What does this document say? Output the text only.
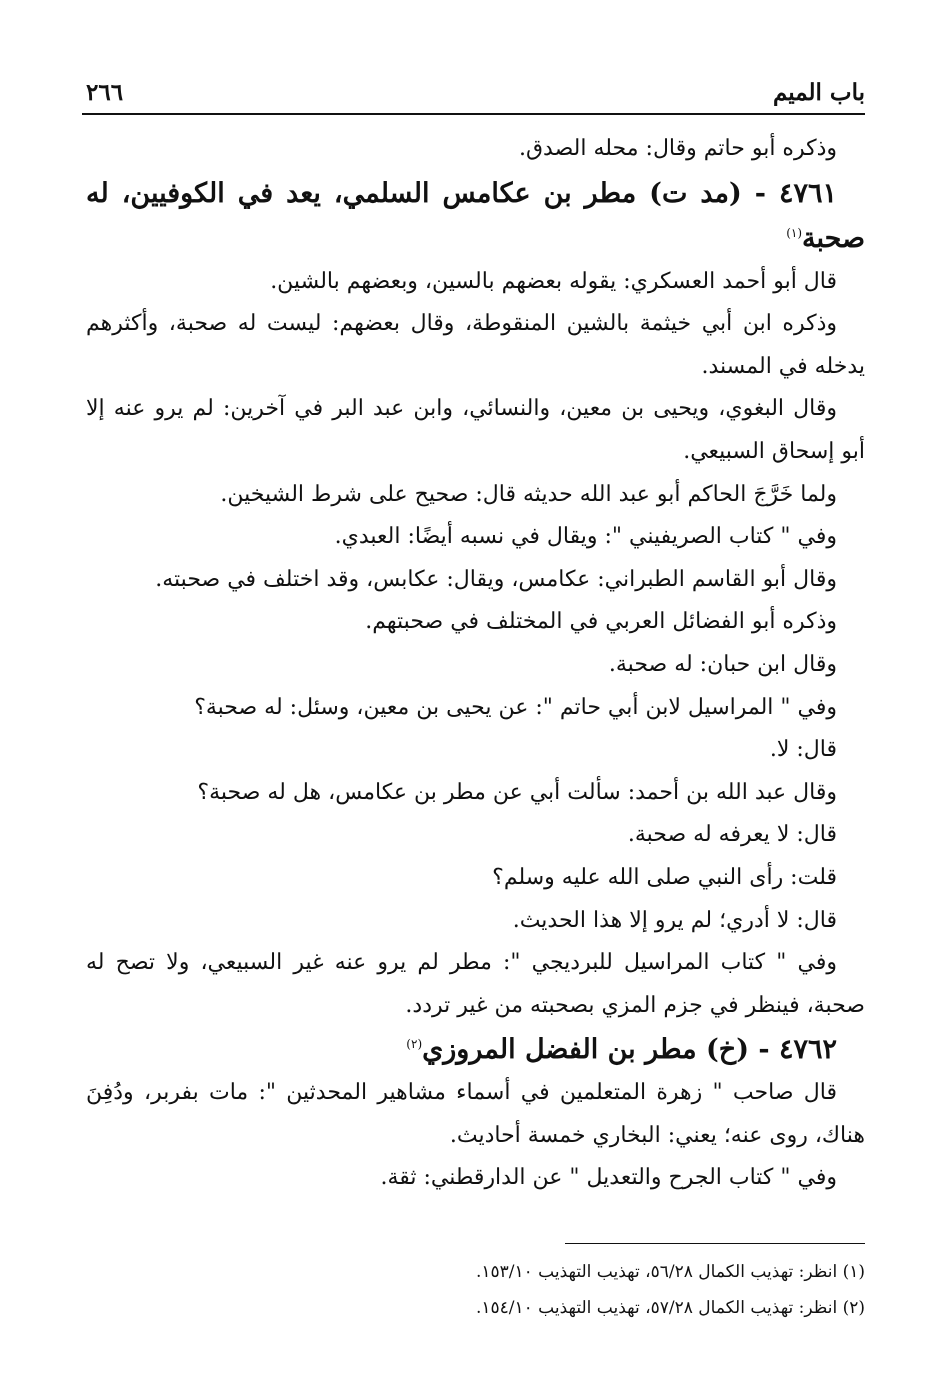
باب الميم
٢٦٦

وذكره أبو حاتم وقال: محله الصدق.

٤٧٦١ - (مد ت) مطر بن عكامس السلمي، يعد في الكوفيين، له صحبة$^{(١)}$

قال أبو أحمد العسكري: يقوله بعضهم بالسين، وبعضهم بالشين.

وذكره ابن أبي خيثمة بالشين المنقوطة، وقال بعضهم: ليست له صحبة، وأكثرهم يدخله في المسند.

وقال البغوي، ويحيى بن معين، والنسائي، وابن عبد البر في آخرين: لم يرو عنه إلا أبو إسحاق السبيعي.

ولما خَرَّجَ الحاكم أبو عبد الله حديثه قال: صحيح على شرط الشيخين.

وفي " كتاب الصريفيني ": ويقال في نسبه أيضًا: العبدي.

وقال أبو القاسم الطبراني: عكامس، ويقال: عكابس، وقد اختلف في صحبته.

وذكره أبو الفضائل العربي في المختلف في صحبتهم.

وقال ابن حبان: له صحبة.

وفي " المراسيل لابن أبي حاتم ": عن يحيى بن معين، وسئل: له صحبة؟

قال: لا.

وقال عبد الله بن أحمد: سألت أبي عن مطر بن عكامس، هل له صحبة؟

قال: لا يعرفه له صحبة.

قلت: رأى النبي صلى الله عليه وسلم؟

قال: لا أدري؛ لم يرو إلا هذا الحديث.

وفي " كتاب المراسيل للبرديجي ": مطر لم يرو عنه غير السبيعي، ولا تصح له صحبة، فينظر في جزم المزي بصحبته من غير تردد.

٤٧٦٢ - (خ) مطر بن الفضل المروزي$^{(٢)}$

قال صاحب " زهرة المتعلمين في أسماء مشاهير المحدثين ": مات بفربر، ودُفِنَ هناك، روى عنه؛ يعني: البخاري خمسة أحاديث.

وفي " كتاب الجرح والتعديل " عن الدارقطني: ثقة.

(١) انظر: تهذيب الكمال ٥٦/٢٨، تهذيب التهذيب ١٥٣/١٠.

(٢) انظر: تهذيب الكمال ٥٧/٢٨، تهذيب التهذيب ١٥٤/١٠.
